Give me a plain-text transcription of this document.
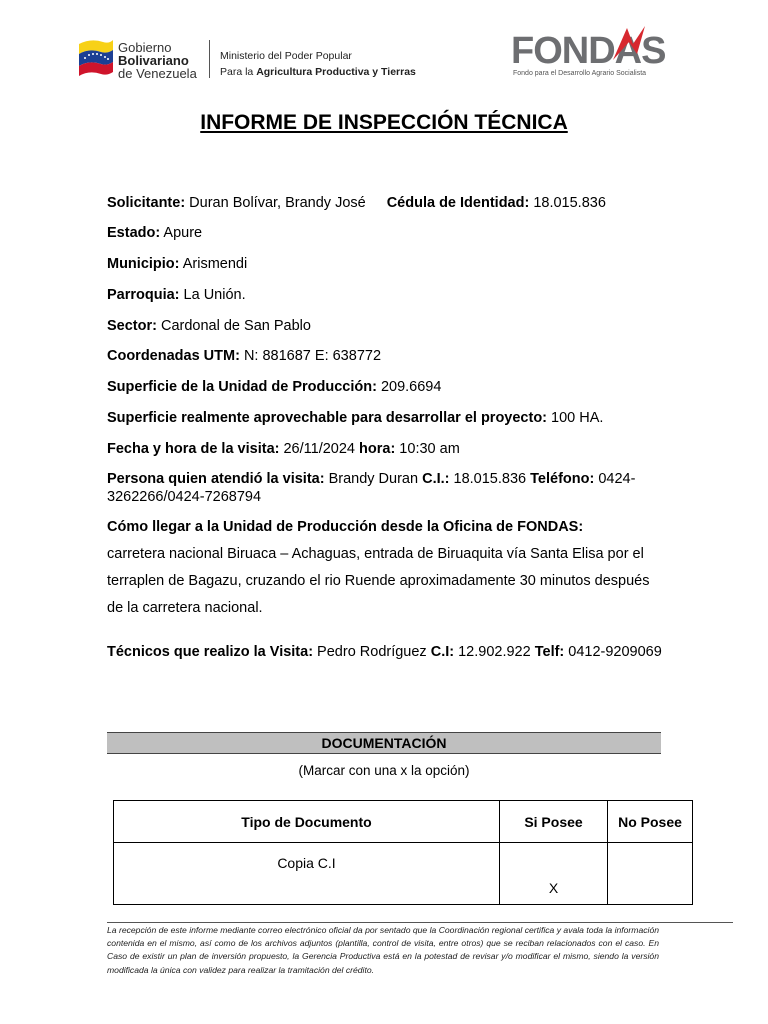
Gobierno
Bolivariano
de Venezuela
Ministerio del Poder Popular
Para la Agricultura Productiva y Tierras	FONDAS
Fondo para el Desarrollo Agrario Socialista
INFORME DE INSPECCIÓN TÉCNICA
Solicitante: Duran Bolívar, Brandy José Cédula de Identidad: 18.015.836
Estado: Apure
Municipio: Arismendi
Parroquia: La Unión.
Sector: Cardonal de San Pablo
Coordenadas UTM: N: 881687 E: 638772
Superficie de la Unidad de Producción: 209.6694
Superficie realmente aprovechable para desarrollar el proyecto: 100 HA.
Fecha y hora de la visita: 26/11/2024 hora: 10:30 am
Persona quien atendió la visita: Brandy Duran C.I.: 18.015.836 Teléfono: 0424-3262266/0424-7268794
Cómo llegar a la Unidad de Producción desde la Oficina de FONDAS:
carretera nacional Biruaca – Achaguas, entrada de Biruaquita vía Santa Elisa por el terraplen de Bagazu, cruzando el rio Ruende aproximadamente 30 minutos después de la carretera nacional.
Técnicos que realizo la Visita: Pedro Rodríguez C.I: 12.902.922 Telf: 0412-9209069
DOCUMENTACIÓN
(Marcar con una x la opción)
Tipo de Documento	Si Posee	No Posee
Copia C.I	X	
La recepción de este informe mediante correo electrónico oficial da por sentado que la Coordinación regional certifica y avala toda la información contenida en el mismo, así como de los archivos adjuntos (plantilla, control de visita, entre otros) que se reciban relacionados con el caso. En Caso de existir un plan de inversión propuesto, la Gerencia Productiva está en la potestad de revisar y/o modificar el mismo, siendo la versión modificada la única con validez para realizar la tramitación del crédito.
